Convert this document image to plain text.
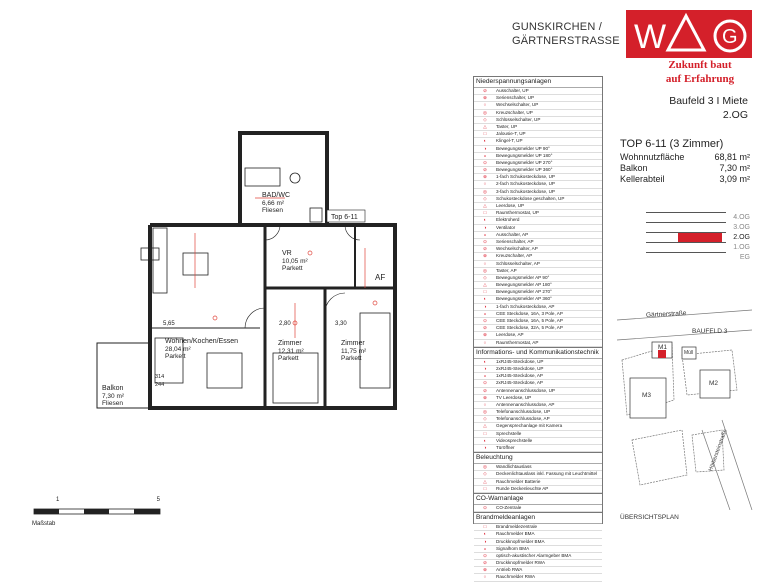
GUNSKIRCHEN /
GÄRTNERSTRASSE W G
Zukunft baut
auf Erfahrung
Baufeld 3 I Miete
2.OG
TOP 6-11 (3 Zimmer)
Wohnnutzfläche	68,81 m²
Balkon	7,30 m²
Kellerabteil	3,09 m²
4.OG
3.OG
2.OG
1.OG
EG
Niederspannungsanlagen
⊘	Ausschalter, UP
⊗	Serienschalter, UP
○	Wechselschalter, UP
◎	Kreuzschalter, UP
◇	Schlüsselschalter, UP
△	Taster, UP
□	Jalousie-T, UP
◐	Klingel-T, UP
◑	Bewegungsmelder UP 90°
◒	Bewegungsmelder UP 180°
⊙	Bewegungsmelder UP 270°
⊘	Bewegungsmelder UP 360°
⊗	1-fach Schukosteckdose, UP
○	2-fach Schukosteckdose, UP
◎	3-fach Schukosteckdose, UP
◇	Schukosteckdose geschalten, UP
△	Leerdose, UP
□	Raumthermostat, UP
◐	Elektroherd
◑	Ventilator
◒	Ausschalter, AP
⊙	Serienschalter, AP
⊘	Wechselschalter, AP
⊗	Kreuzschalter, AP
○	Schlüsselschalter, AP
◎	Taster, AP
◇	Bewegungsmelder AP 90°
△	Bewegungsmelder AP 180°
□	Bewegungsmelder AP 270°
◐	Bewegungsmelder AP 360°
◑	1-fach Schukosteckdose, AP
◒	CEE Steckdose, 16A, 3 Pole, AP
⊙	CEE Steckdose, 16A, 5 Pole, AP
⊘	CEE Steckdose, 32A, 5 Pole, AP
⊗	Leerdose, AP
○	Raumthermostat, AP
Informations- und Kommunikationstechnik
◐	1xRJ45-Steckdose, UP
◑	2xRJ45-Steckdose, UP
◒	1xRJ45-Steckdose, AP
⊙	2xRJ45-Steckdose, AP
⊘	Antennenanschlussdose, UP
⊗	TV Leerdose, UP
○	Antennenanschlussdose, AP
◎	Telefonanschlussdose, UP
◇	Telefonanschlussdose, AP
△	Gegensprechanlage mit Kamera
□	Sprechstelle
◐	Videosprechstelle
◑	Türöffner
Beleuchtung
◎	Wandlichtauslass
◇	Deckenlichtauslass inkl. Fassung mit Leuchtmittel
△	Rauchmelder Batterie
□	Runde Deckenleuchte AP
CO-Warnanlage
⊙	CO-Zentrale
Brandmeldeanlagen
□	Brandmeldezentrale
◐	Rauchmelder BMA
◑	Druckknopfmelder BMA
◒	Signalhorn BMA
⊙	optisch-akustischer Alarmgeber BMA
⊘	Druckknopfmelder RWA
⊗	Antrieb RWA
○	Rauchmelder RWA
Top 6-11
AF
5,65	2,80	3,30
314
244
BAD/WC
6,66 m²
Fliesen
VR
10,05 m²
Parkett
Wohnen/Kochen/Essen
28,04 m²
Parkett
Zimmer
12,31 m²
Parkett
Zimmer
11,75 m²
Parkett
Balkon
7,30 m²
Fliesen
1	5
Maßstab
Gärtnerstraße
BAUFELD 3
M1
Müll
M2
M3
Hörbersteinstraße
ÜBERSICHTSPLAN
